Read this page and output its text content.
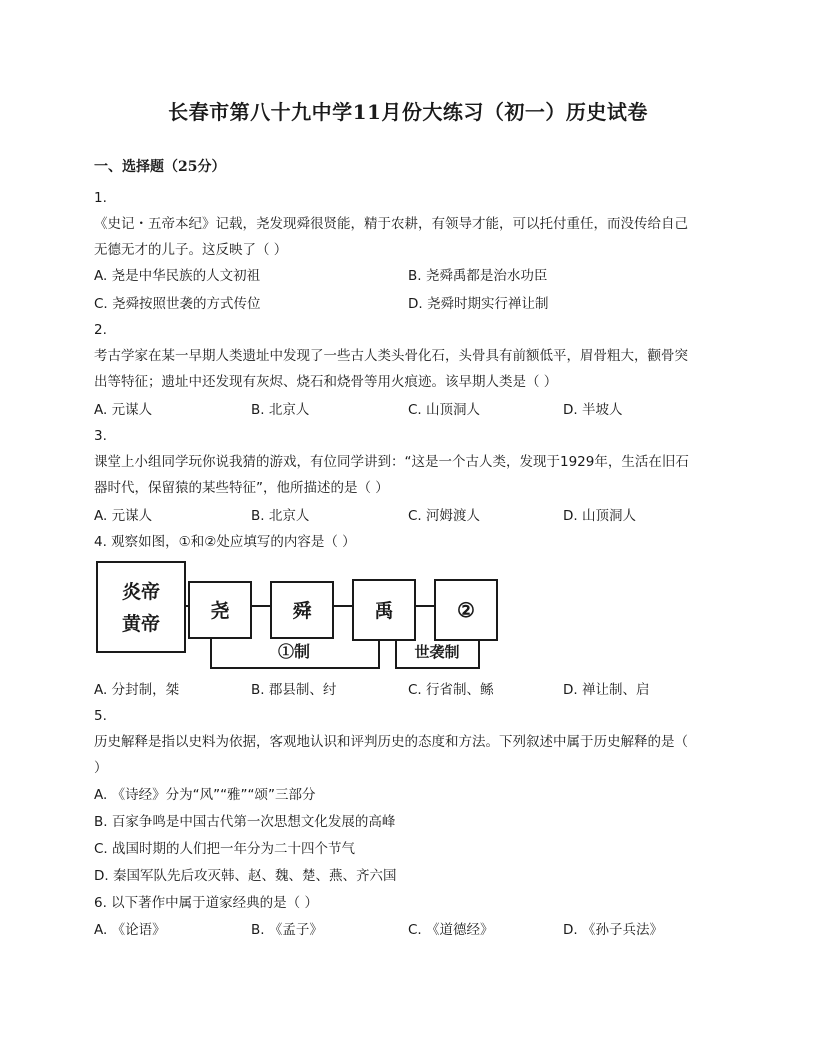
长春市第八十九中学11月份大练习（初一）历史试卷
一、选择题（25分）
1.
《史记・五帝本纪》记载，尧发现舜很贤能，精于农耕，有领导才能，可以托付重任，而没传给自己
无德无才的儿子。这反映了（ ）
A. 尧是中华民族的人文初祖	B. 尧舜禹都是治水功臣
C. 尧舜按照世袭的方式传位	D. 尧舜时期实行禅让制
2.
考古学家在某一早期人类遗址中发现了一些古人类头骨化石，头骨具有前额低平，眉骨粗大，颧骨突
出等特征；遗址中还发现有灰烬、烧石和烧骨等用火痕迹。该早期人类是（ ）
A. 元谋人	B. 北京人	C. 山顶洞人	D. 半坡人
3.
课堂上小组同学玩你说我猜的游戏，有位同学讲到：“这是一个古人类，发现于1929年，生活在旧石
器时代，保留猿的某些特征”，他所描述的是（ ）
A. 元谋人	B. 北京人	C. 河姆渡人	D. 山顶洞人
4. 观察如图，①和②处应填写的内容是（ ）
炎帝
黄帝
尧	舜	禹	②
①制	世袭制
A. 分封制，桀	B. 郡县制、纣	C. 行省制、鲧	D. 禅让制、启
5.
历史解释是指以史料为依据，客观地认识和评判历史的态度和方法。下列叙述中属于历史解释的是（
）
A. 《诗经》分为“风”“雅”“颂”三部分
B. 百家争鸣是中国古代第一次思想文化发展的高峰
C. 战国时期的人们把一年分为二十四个节气
D. 秦国军队先后攻灭韩、赵、魏、楚、燕、齐六国
6. 以下著作中属于道家经典的是（ ）
A. 《论语》	B. 《孟子》	C. 《道德经》	D. 《孙子兵法》
